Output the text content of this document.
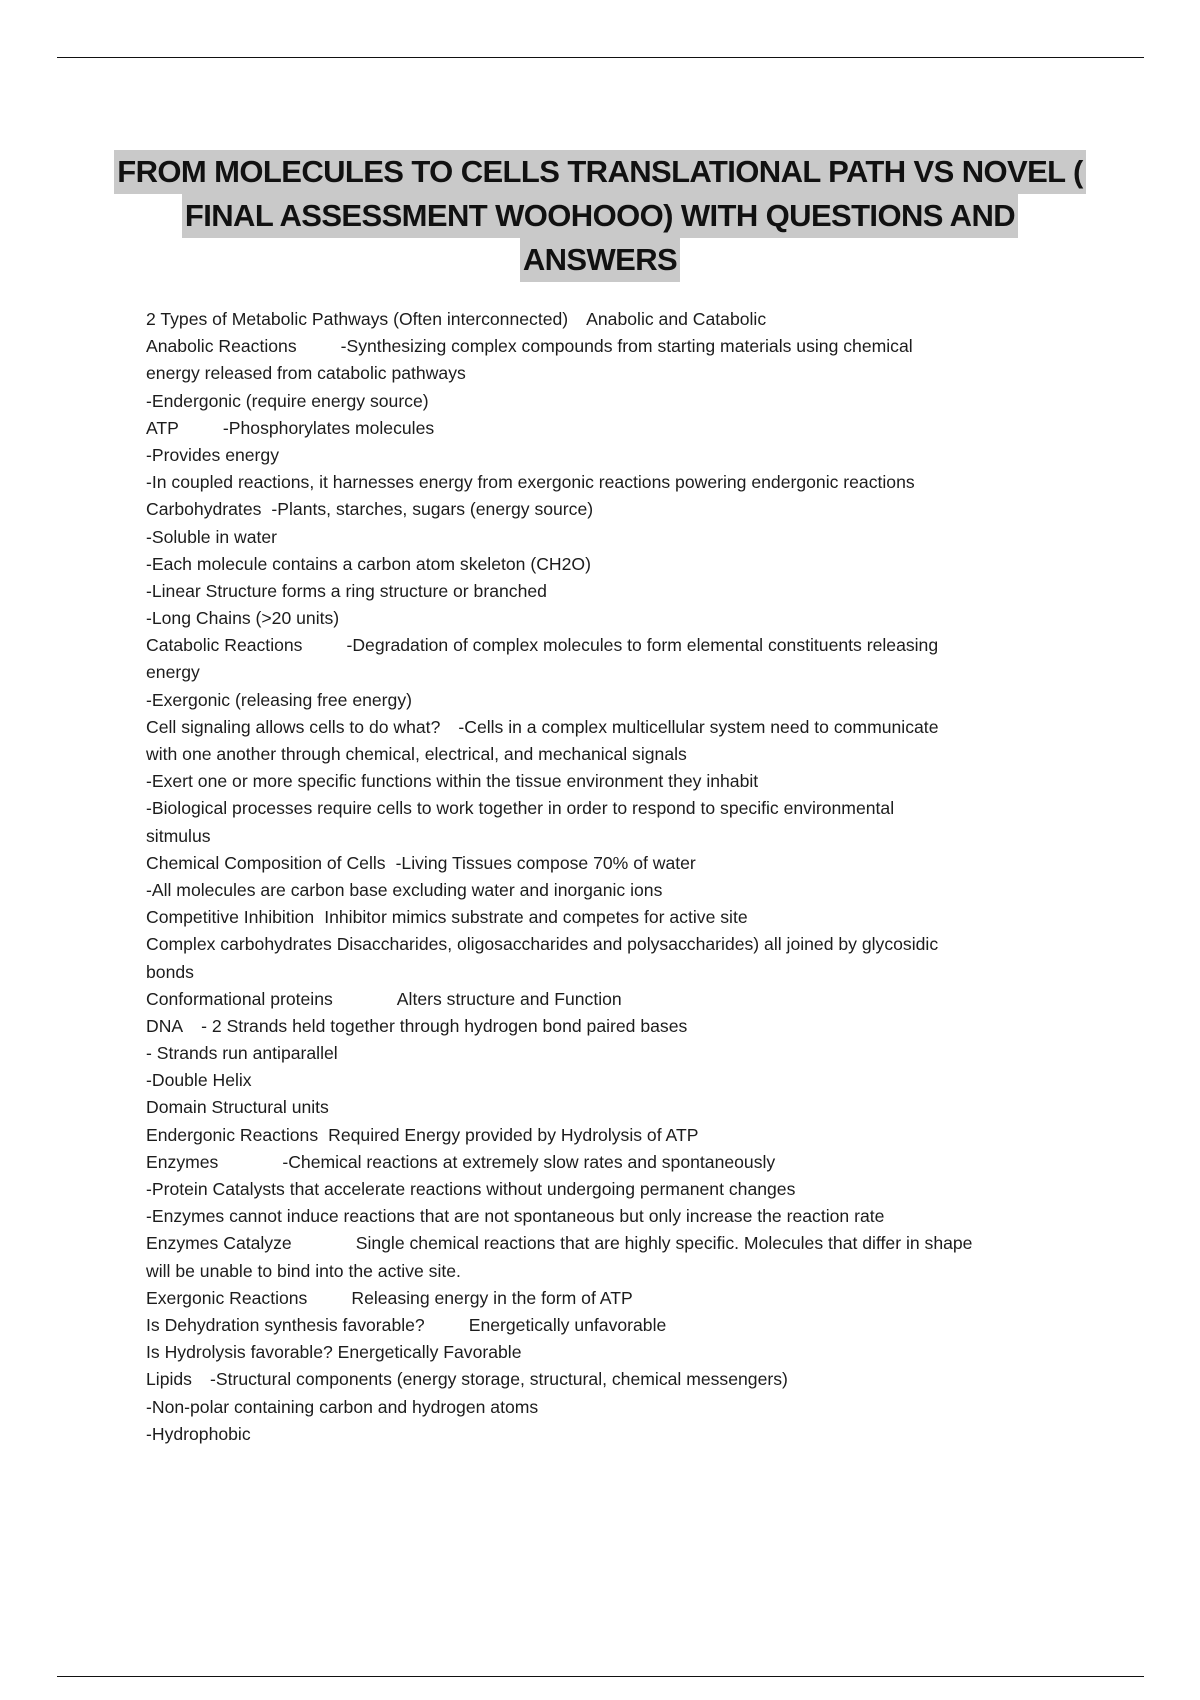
FROM MOLECULES TO CELLS TRANSLATIONAL PATH VS NOVEL (
FINAL ASSESSMENT WOOHOOO) WITH QUESTIONS AND
ANSWERS
2 Types of Metabolic Pathways (Often interconnected) Anabolic and Catabolic
Anabolic Reactions	-Synthesizing complex compounds from starting materials using chemical
energy released from catabolic pathways
-Endergonic (require energy source)
ATP	-Phosphorylates molecules
-Provides energy
-In coupled reactions, it harnesses energy from exergonic reactions powering endergonic reactions
Carbohydrates -Plants, starches, sugars (energy source)
-Soluble in water
-Each molecule contains a carbon atom skeleton (CH2O)
-Linear Structure forms a ring structure or branched
-Long Chains (>20 units)
Catabolic Reactions	-Degradation of complex molecules to form elemental constituents releasing
energy
-Exergonic (releasing free energy)
Cell signaling allows cells to do what? -Cells in a complex multicellular system need to communicate
with one another through chemical, electrical, and mechanical signals
-Exert one or more specific functions within the tissue environment they inhabit
-Biological processes require cells to work together in order to respond to specific environmental
sitmulus
Chemical Composition of Cells -Living Tissues compose 70% of water
-All molecules are carbon base excluding water and inorganic ions
Competitive Inhibition Inhibitor mimics substrate and competes for active site
Complex carbohydrates Disaccharides, oligosaccharides and polysaccharides) all joined by glycosidic
bonds
Conformational proteins	Alters structure and Function
DNA - 2 Strands held together through hydrogen bond paired bases
- Strands run antiparallel
-Double Helix
Domain Structural units
Endergonic Reactions Required Energy provided by Hydrolysis of ATP
Enzymes	-Chemical reactions at extremely slow rates and spontaneously
-Protein Catalysts that accelerate reactions without undergoing permanent changes
-Enzymes cannot induce reactions that are not spontaneous but only increase the reaction rate
Enzymes Catalyze	Single chemical reactions that are highly specific. Molecules that differ in shape
will be unable to bind into the active site.
Exergonic Reactions	Releasing energy in the form of ATP
Is Dehydration synthesis favorable?	Energetically unfavorable
Is Hydrolysis favorable? Energetically Favorable
Lipids -Structural components (energy storage, structural, chemical messengers)
-Non-polar containing carbon and hydrogen atoms
-Hydrophobic
